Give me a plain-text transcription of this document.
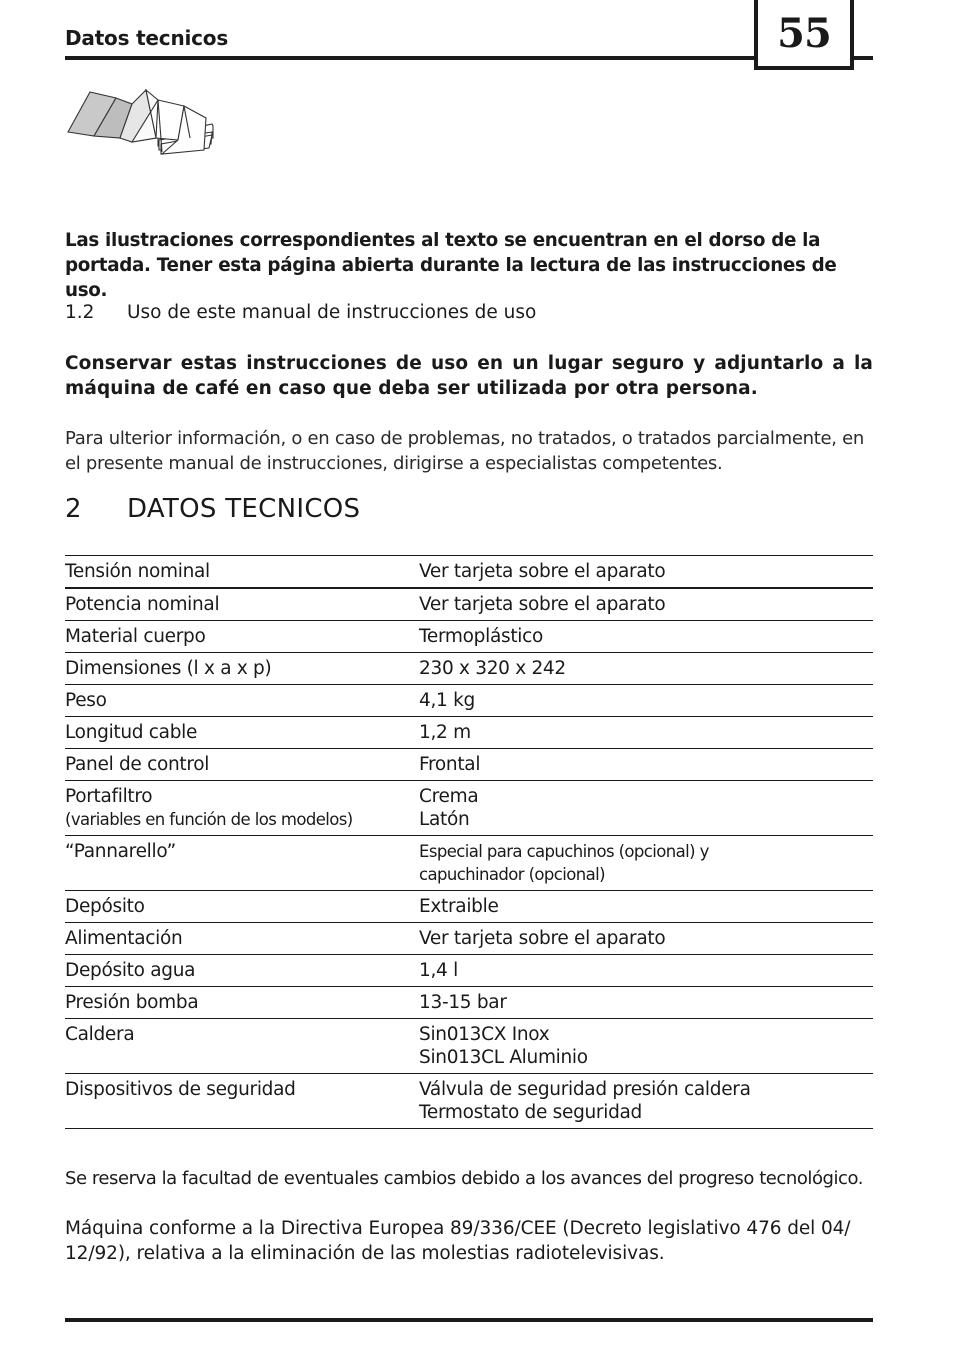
Datos tecnicos	55

Las ilustraciones correspondientes al texto se encuentran en el dorso de la portada. Tener esta página abierta durante la lectura de las instrucciones de uso.

1.2	Uso de este manual de instrucciones de uso

Conservar estas instrucciones de uso en un lugar seguro y adjuntarlo a la máquina de café en caso que deba ser utilizada por otra persona.

Para ulterior información, o en caso de problemas, no tratados, o tratados parcialmente, en el presente manual de instrucciones, dirigirse a especialistas competentes.

2	DATOS TECNICOS
Tensión nominal	Ver tarjeta sobre el aparato
Potencia nominal	Ver tarjeta sobre el aparato
Material cuerpo	Termoplástico
Dimensiones (l x a x p)	230 x 320 x 242
Peso	4,1 kg
Longitud cable	1,2 m
Panel de control	Frontal

Portafiltro
(variables en función de los modelos)	Crema
Latón

“Pannarello”	Especial para capuchinos (opcional) y
capuchinador (opcional)

Depósito	Extraible
Alimentación	Ver tarjeta sobre el aparato
Depósito agua	1,4 l
Presión bomba	13-15 bar
Caldera	Sin013CX Inox
Sin013CL Aluminio

Dispositivos de seguridad	Válvula de seguridad presión caldera
Termostato de seguridad

Se reserva la facultad de eventuales cambios debido a los avances del progreso tecnológico.

Máquina conforme a la Directiva Europea 89/336/CEE (Decreto legislativo 476 del 04/ 12/92), relativa a la eliminación de las molestias radiotelevisivas.
